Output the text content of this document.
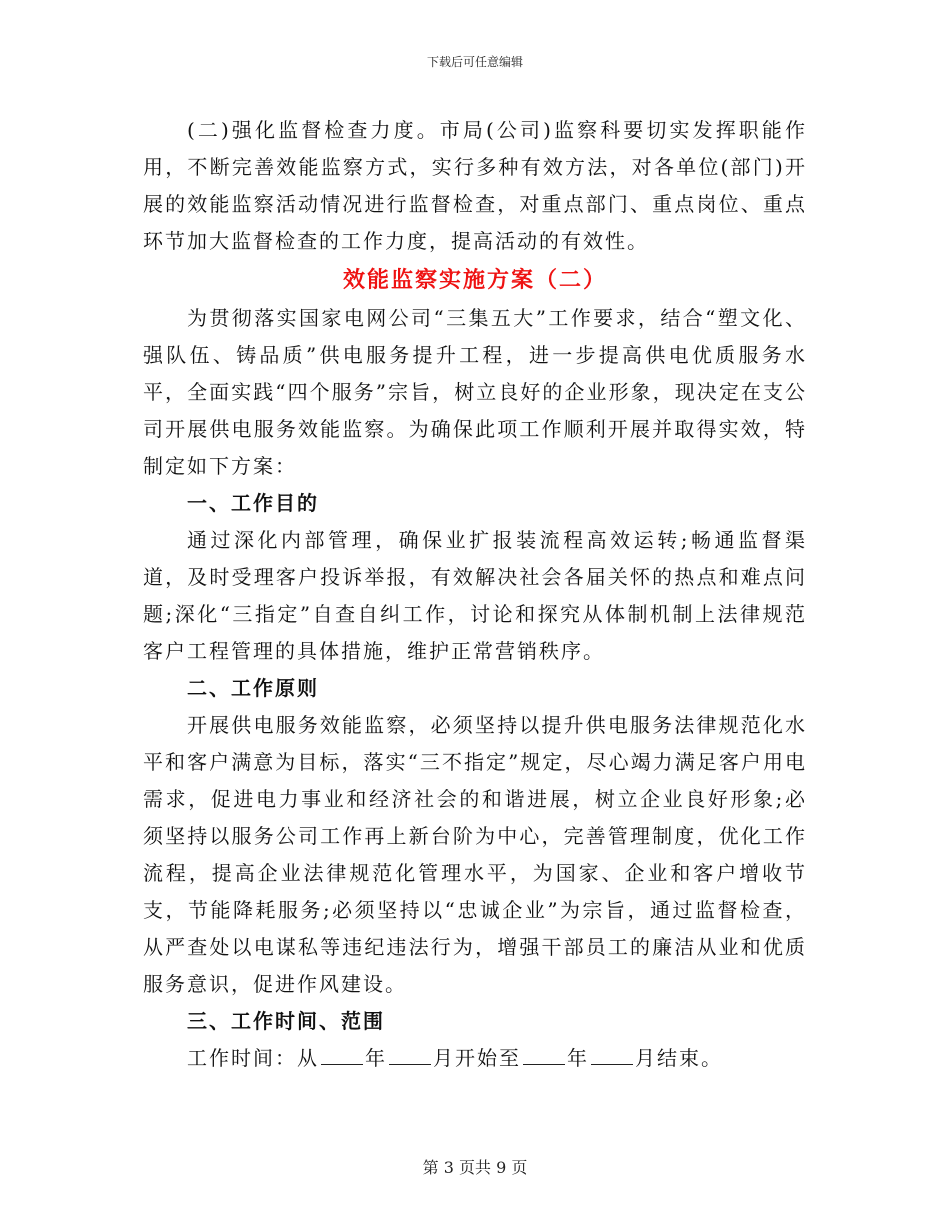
下载后可任意编辑

(二)强化监督检查力度。市局(公司)监察科要切实发挥职能作用，不断完善效能监察方式，实行多种有效方法，对各单位(部门)开展的效能监察活动情况进行监督检查，对重点部门、重点岗位、重点环节加大监督检查的工作力度，提高活动的有效性。

效能监察实施方案（二）

为贯彻落实国家电网公司“三集五大”工作要求，结合“塑文化、强队伍、铸品质”供电服务提升工程，进一步提高供电优质服务水平，全面实践“四个服务”宗旨，树立良好的企业形象，现决定在支公司开展供电服务效能监察。为确保此项工作顺利开展并取得实效，特制定如下方案：

一、工作目的

通过深化内部管理，确保业扩报装流程高效运转;畅通监督渠道，及时受理客户投诉举报，有效解决社会各届关怀的热点和难点问题;深化“三指定”自查自纠工作，讨论和探究从体制机制上法律规范客户工程管理的具体措施，维护正常营销秩序。

二、工作原则

开展供电服务效能监察，必须坚持以提升供电服务法律规范化水平和客户满意为目标，落实“三不指定”规定，尽心竭力满足客户用电需求，促进电力事业和经济社会的和谐进展，树立企业良好形象;必须坚持以服务公司工作再上新台阶为中心，完善管理制度，优化工作流程，提高企业法律规范化管理水平，为国家、企业和客户增收节支，节能降耗服务;必须坚持以“忠诚企业”为宗旨，通过监督检查，从严查处以电谋私等违纪违法行为，增强干部员工的廉洁从业和优质服务意识，促进作风建设。

三、工作时间、范围

工作时间：从 年 月开始至 年 月结束。

第 3 页共 9 页
